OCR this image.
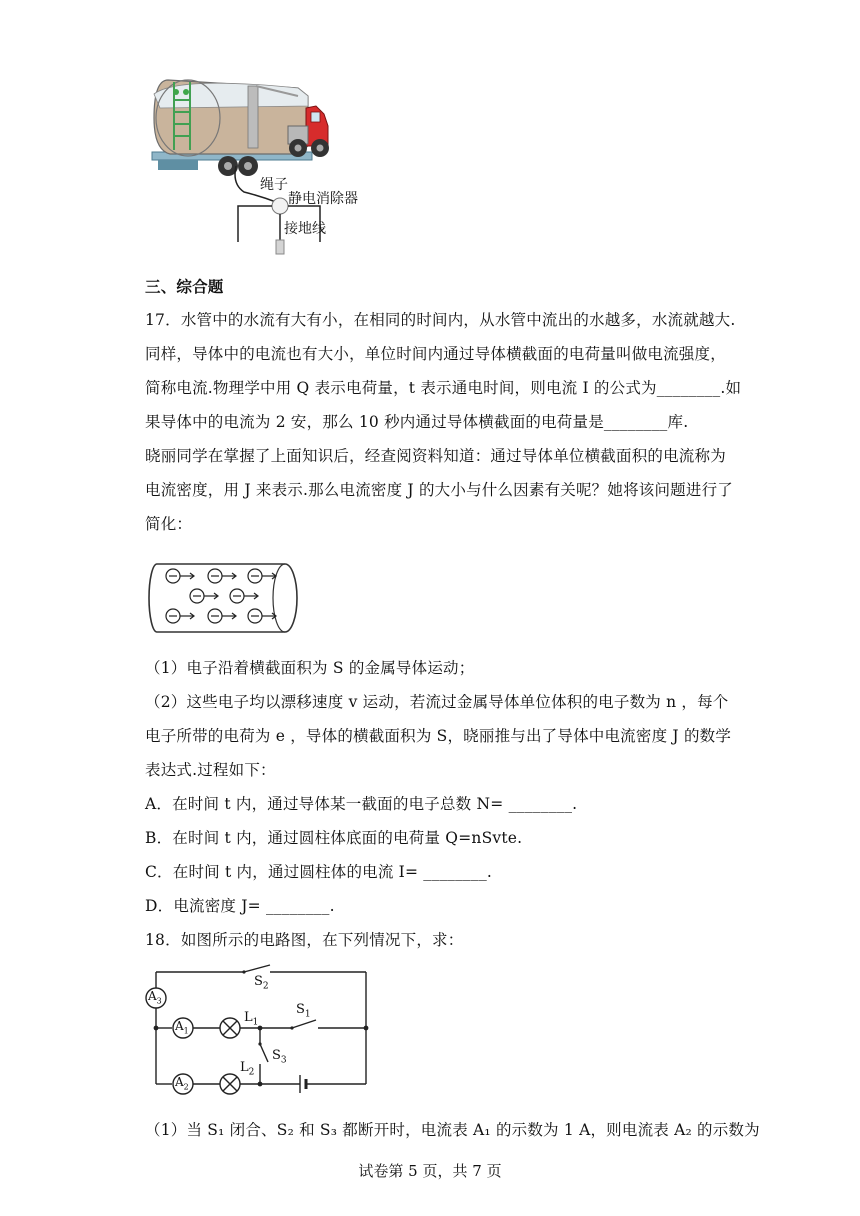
绳子
静电消除器
接地线
三、综合题
17．水管中的水流有大有小，在相同的时间内，从水管中流出的水越多，水流就越大.
同样，导体中的电流也有大小，单位时间内通过导体横截面的电荷量叫做电流强度，
简称电流.物理学中用 Q 表示电荷量，t 表示通电时间，则电流 I 的公式为________.如
果导体中的电流为 2 安，那么 10 秒内通过导体横截面的电荷量是________库.
晓丽同学在掌握了上面知识后，经查阅资料知道：通过导体单位横截面积的电流称为
电流密度，用 J 来表示.那么电流密度 J 的大小与什么因素有关呢？她将该问题进行了
简化：
（1）电子沿着横截面积为 S 的金属导体运动；
（2）这些电子均以漂移速度 v 运动，若流过金属导体单位体积的电子数为 n ，每个
电子所带的电荷为 e ，导体的横截面积为 S，晓丽推与出了导体中电流密度 J 的数学
表达式.过程如下：
A．在时间 t 内，通过导体某一截面的电子总数 N= ________.
B．在时间 t 内，通过圆柱体底面的电荷量 Q=nSvte.
C．在时间 t 内，通过圆柱体的电流 I= ________.
D．电流密度 J= ________.
18．如图所示的电路图，在下列情况下，求：
$A_3$
$A_1$
$A_2$
$L_1$
$L_2$
$S_1$
$S_2$
$S_3$
（1）当 S₁ 闭合、S₂ 和 S₃ 都断开时，电流表 A₁ 的示数为 1 A，则电流表 A₂ 的示数为
试卷第 5 页，共 7 页
